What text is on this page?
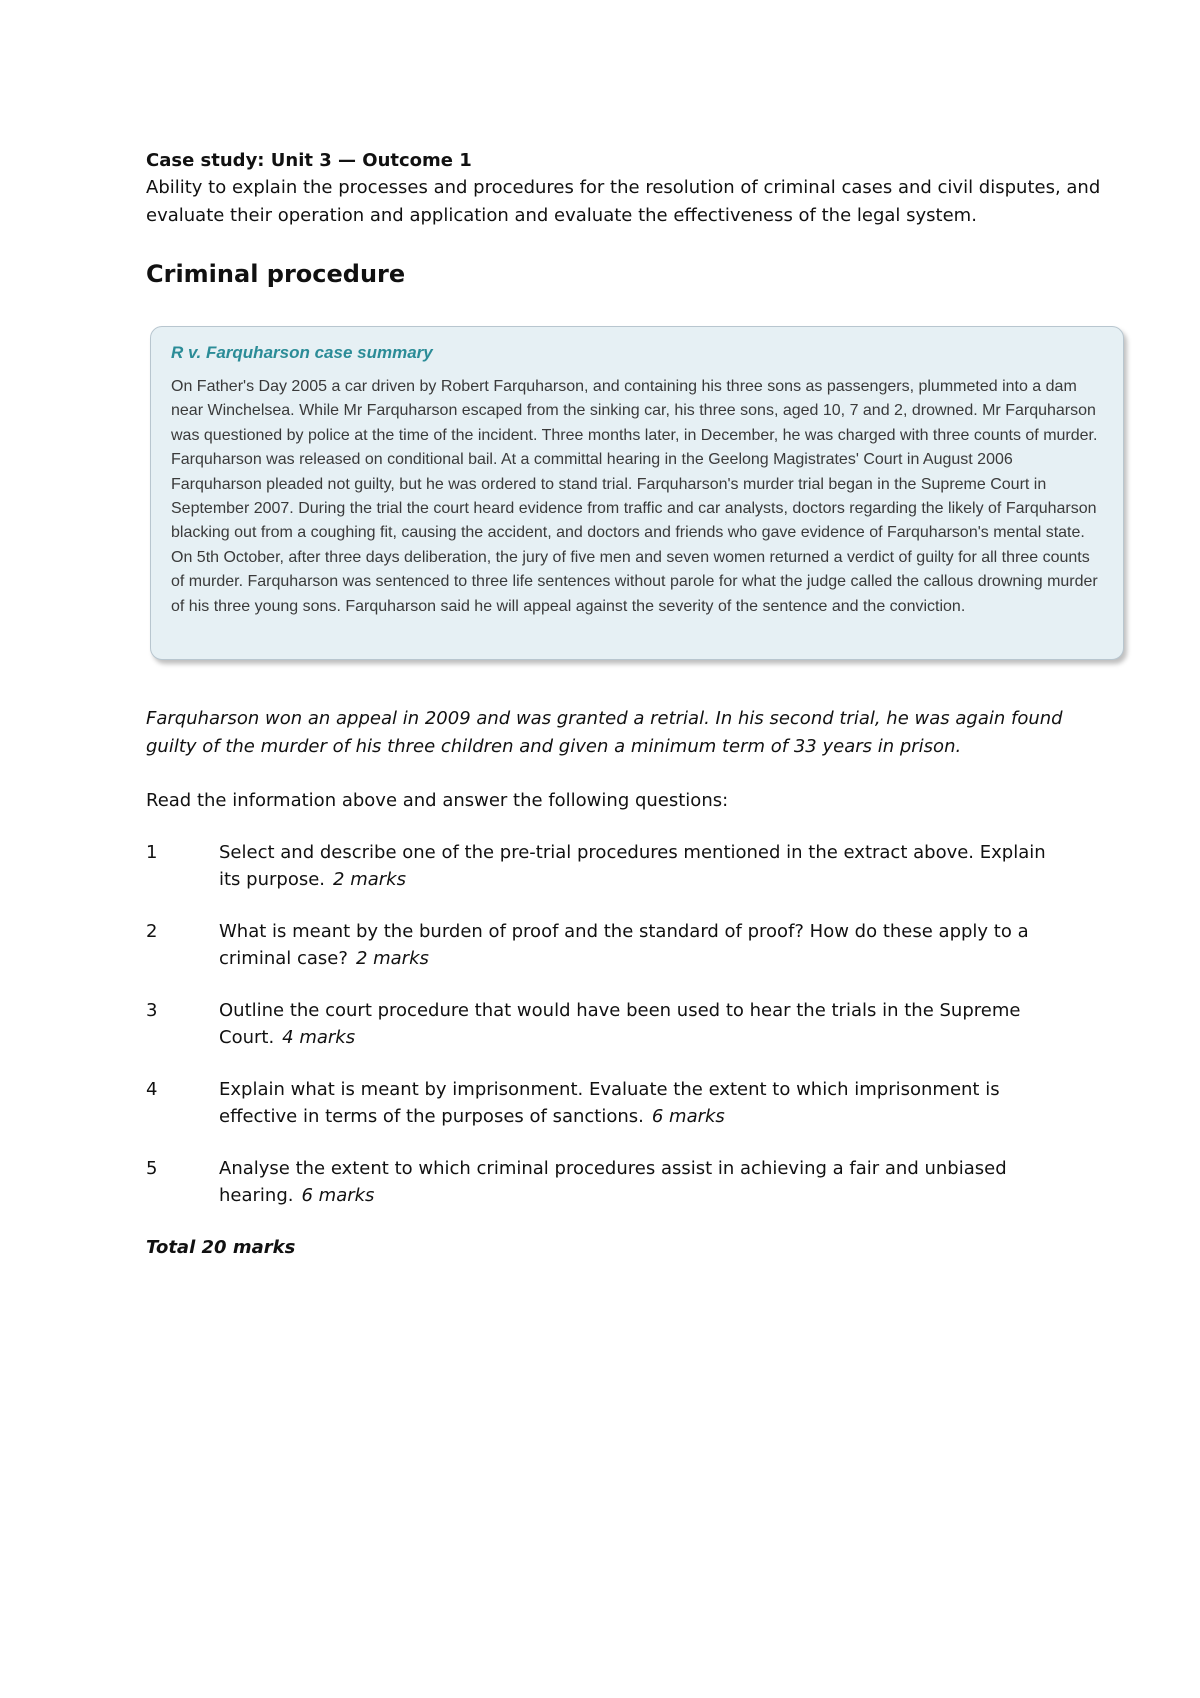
Case study: Unit 3 — Outcome 1

Ability to explain the processes and procedures for the resolution of criminal cases and civil disputes, and evaluate their operation and application and evaluate the effectiveness of the legal system.

Criminal procedure

R v. Farquharson case summary

On Father's Day 2005 a car driven by Robert Farquharson, and containing his three sons as passengers, plummeted into a dam near Winchelsea. While Mr Farquharson escaped from the sinking car, his three sons, aged 10, 7 and 2, drowned. Mr Farquharson was questioned by police at the time of the incident. Three months later, in December, he was charged with three counts of murder. Farquharson was released on conditional bail. At a committal hearing in the Geelong Magistrates' Court in August 2006 Farquharson pleaded not guilty, but he was ordered to stand trial. Farquharson's murder trial began in the Supreme Court in September 2007. During the trial the court heard evidence from traffic and car analysts, doctors regarding the likely of Farquharson blacking out from a coughing fit, causing the accident, and doctors and friends who gave evidence of Farquharson's mental state. On 5th October, after three days deliberation, the jury of five men and seven women returned a verdict of guilty for all three counts of murder. Farquharson was sentenced to three life sentences without parole for what the judge called the callous drowning murder of his three young sons. Farquharson said he will appeal against the severity of the sentence and the conviction.

Farquharson won an appeal in 2009 and was granted a retrial. In his second trial, he was again found guilty of the murder of his three children and given a minimum term of 33 years in prison.

Read the information above and answer the following questions:

1	Select and describe one of the pre-trial procedures mentioned in the extract above. Explain its purpose. 2 marks
2	What is meant by the burden of proof and the standard of proof? How do these apply to a criminal case? 2 marks
3	Outline the court procedure that would have been used to hear the trials in the Supreme Court. 4 marks
4	Explain what is meant by imprisonment. Evaluate the extent to which imprisonment is effective in terms of the purposes of sanctions. 6 marks
5	Analyse the extent to which criminal procedures assist in achieving a fair and unbiased hearing. 6 marks

Total 20 marks
